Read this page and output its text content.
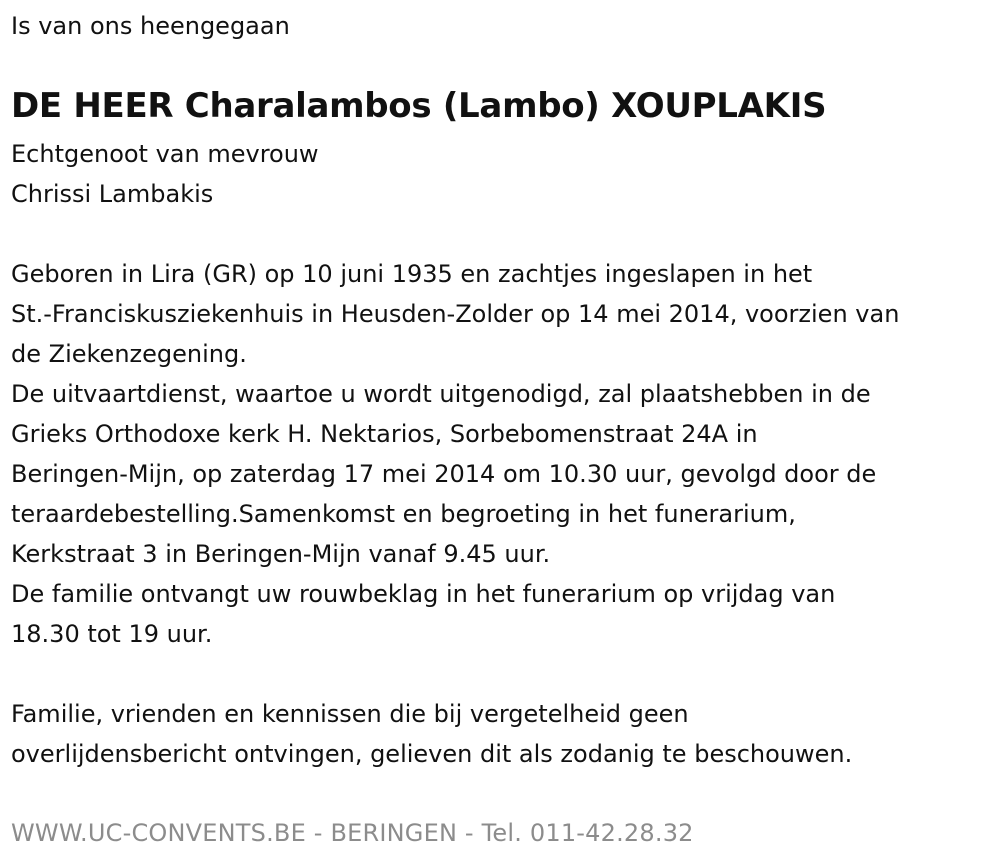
Is van ons heengegaan
DE HEER Charalambos (Lambo) XOUPLAKIS
Echtgenoot van mevrouw
Chrissi Lambakis
Geboren in Lira (GR) op 10 juni 1935 en zachtjes ingeslapen in het
St.-Franciskusziekenhuis in Heusden-Zolder op 14 mei 2014, voorzien van
de Ziekenzegening.
De uitvaartdienst, waartoe u wordt uitgenodigd, zal plaatshebben in de
Grieks Orthodoxe kerk H. Nektarios, Sorbebomenstraat 24A in
Beringen-Mijn, op zaterdag 17 mei 2014 om 10.30 uur, gevolgd door de
teraardebestelling.Samenkomst en begroeting in het funerarium,
Kerkstraat 3 in Beringen-Mijn vanaf 9.45 uur.
De familie ontvangt uw rouwbeklag in het funerarium op vrijdag van
18.30 tot 19 uur.
Familie, vrienden en kennissen die bij vergetelheid geen
overlijdensbericht ontvingen, gelieven dit als zodanig te beschouwen.
WWW.UC-CONVENTS.BE - BERINGEN - Tel. 011-42.28.32
